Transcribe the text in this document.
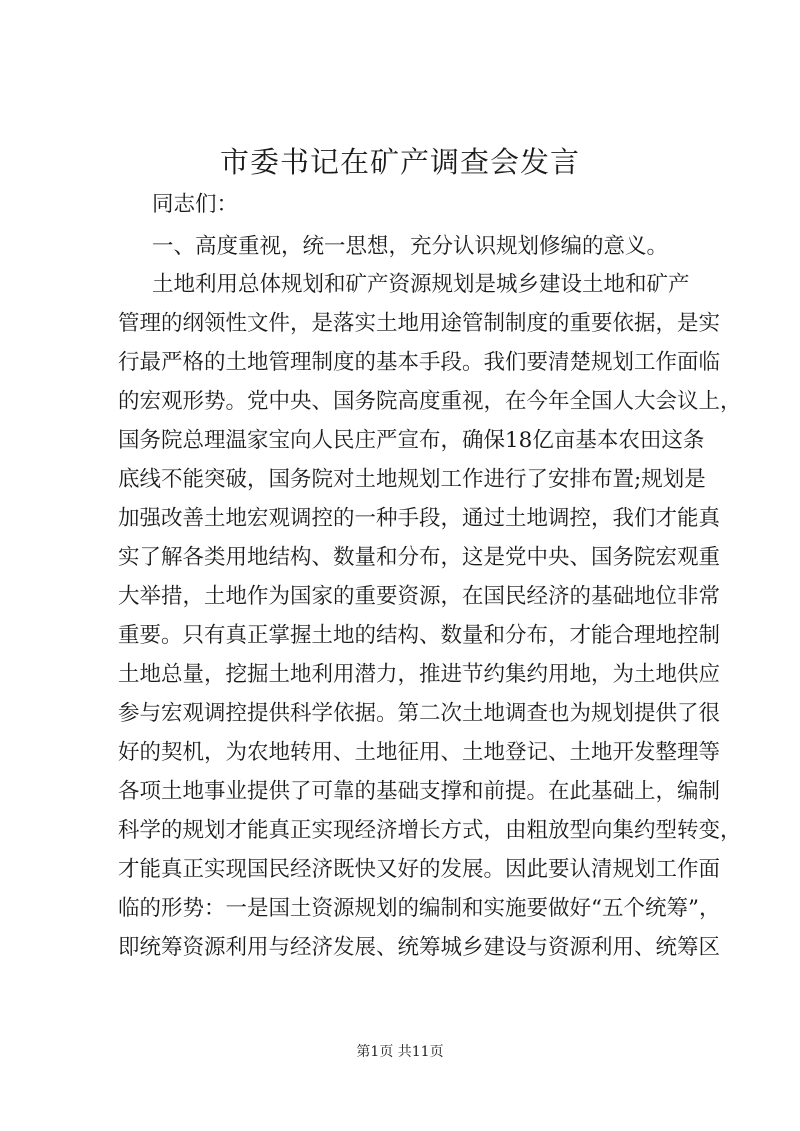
市委书记在矿产调查会发言
同志们：
一、高度重视，统一思想，充分认识规划修编的意义。
土地利用总体规划和矿产资源规划是城乡建设土地和矿产
管理的纲领性文件，是落实土地用途管制制度的重要依据，是实
行最严格的土地管理制度的基本手段。我们要清楚规划工作面临
的宏观形势。党中央、国务院高度重视，在今年全国人大会议上，
国务院总理温家宝向人民庄严宣布，确保18亿亩基本农田这条
底线不能突破，国务院对土地规划工作进行了安排布置;规划是
加强改善土地宏观调控的一种手段，通过土地调控，我们才能真
实了解各类用地结构、数量和分布，这是党中央、国务院宏观重
大举措，土地作为国家的重要资源，在国民经济的基础地位非常
重要。只有真正掌握土地的结构、数量和分布，才能合理地控制
土地总量，挖掘土地利用潜力，推进节约集约用地，为土地供应
参与宏观调控提供科学依据。第二次土地调查也为规划提供了很
好的契机，为农地转用、土地征用、土地登记、土地开发整理等
各项土地事业提供了可靠的基础支撑和前提。在此基础上，编制
科学的规划才能真正实现经济增长方式，由粗放型向集约型转变，
才能真正实现国民经济既快又好的发展。因此要认清规划工作面
临的形势：一是国土资源规划的编制和实施要做好“五个统筹”，
即统筹资源利用与经济发展、统筹城乡建设与资源利用、统筹区
第1页 共11页
